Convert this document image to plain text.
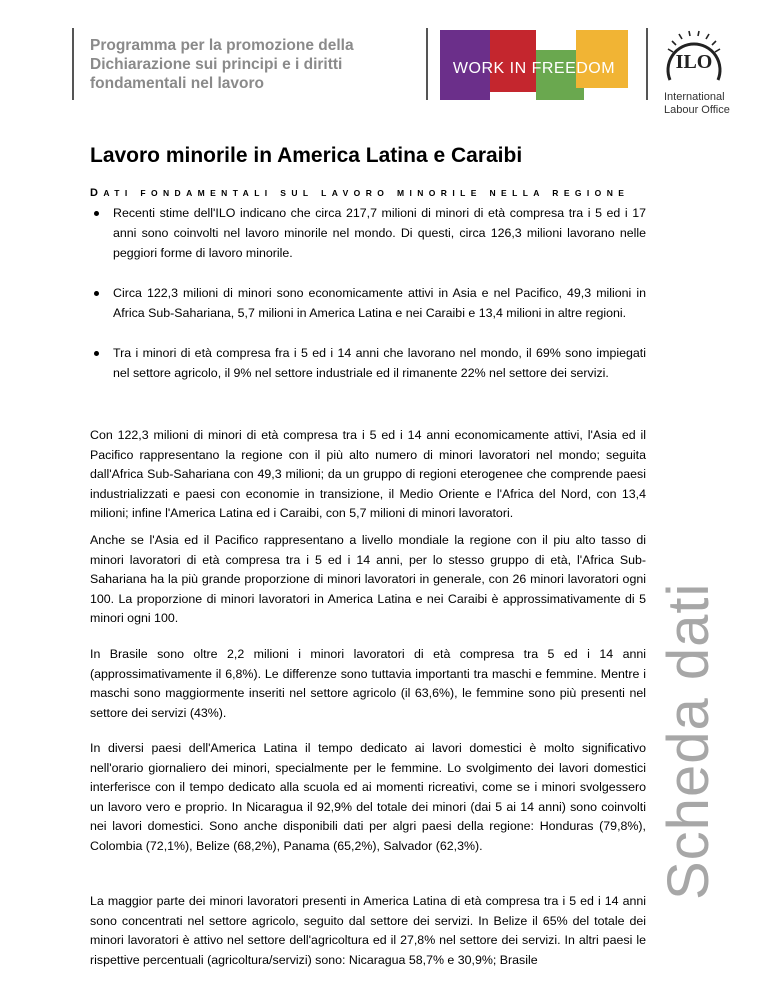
Programma per la promozione della
Dichiarazione sui principi e i diritti
fondamentali nel lavoro
WORK IN FREEDOM	ILO
International
Labour Office
Lavoro minorile in America Latina e Caraibi

DATI FONDAMENTALI SUL LAVORO MINORILE NELLA REGIONE

Recenti stime dell'ILO indicano che circa 217,7 milioni di minori di età compresa tra i 5 ed i 17 anni sono coinvolti nel lavoro minorile nel mondo. Di questi, circa 126,3 milioni lavorano nelle peggiori forme di lavoro minorile.
Circa 122,3 milioni di minori sono economicamente attivi in Asia e nel Pacifico, 49,3 milioni in Africa Sub-Sahariana, 5,7 milioni in America Latina e nei Caraibi e 13,4 milioni in altre regioni.
Tra i minori di età compresa fra i 5 ed i 14 anni che lavorano nel mondo, il 69% sono impiegati nel settore agricolo, il 9% nel settore industriale ed il rimanente 22% nel settore dei servizi.

Con 122,3 milioni di minori di età compresa tra i 5 ed i 14 anni economicamente attivi, l'Asia ed il Pacifico rappresentano la regione con il più alto numero di minori lavoratori nel mondo; seguita dall'Africa Sub-Sahariana con 49,3 milioni; da un gruppo di regioni eterogenee che comprende paesi industrializzati e paesi con economie in transizione, il Medio Oriente e l'Africa del Nord, con 13,4 milioni; infine l'America Latina ed i Caraibi, con 5,7 milioni di minori lavoratori.

Anche se l'Asia ed il Pacifico rappresentano a livello mondiale la regione con il piu alto tasso di minori lavoratori di età compresa tra i 5 ed i 14 anni, per lo stesso gruppo di età, l'Africa Sub-Sahariana ha la più grande proporzione di minori lavoratori in generale, con 26 minori lavoratori ogni 100. La proporzione di minori lavoratori in America Latina e nei Caraibi è approssimativamente di 5 minori ogni 100.

In Brasile sono oltre 2,2 milioni i minori lavoratori di età compresa tra 5 ed i 14 anni (approssimativamente il 6,8%). Le differenze sono tuttavia importanti tra maschi e femmine. Mentre i maschi sono maggiormente inseriti nel settore agricolo (il 63,6%), le femmine sono più presenti nel settore dei servizi (43%).

In diversi paesi dell'America Latina il tempo dedicato ai lavori domestici è molto significativo nell'orario giornaliero dei minori, specialmente per le femmine. Lo svolgimento dei lavori domestici interferisce con il tempo dedicato alla scuola ed ai momenti ricreativi, come se i minori svolgessero un lavoro vero e proprio. In Nicaragua il 92,9% del totale dei minori (dai 5 ai 14 anni) sono coinvolti nei lavori domestici. Sono anche disponibili dati per algri paesi della regione: Honduras (79,8%), Colombia (72,1%), Belize (68,2%), Panama (65,2%), Salvador (62,3%).

La maggior parte dei minori lavoratori presenti in America Latina di età compresa tra i 5 ed i 14 anni sono concentrati nel settore agricolo, seguito dal settore dei servizi. In Belize il 65% del totale dei minori lavoratori è attivo nel settore dell'agricoltura ed il 27,8% nel settore dei servizi. In altri paesi le rispettive percentuali (agricoltura/servizi) sono: Nicaragua 58,7% e 30,9%; Brasile

Scheda dati
